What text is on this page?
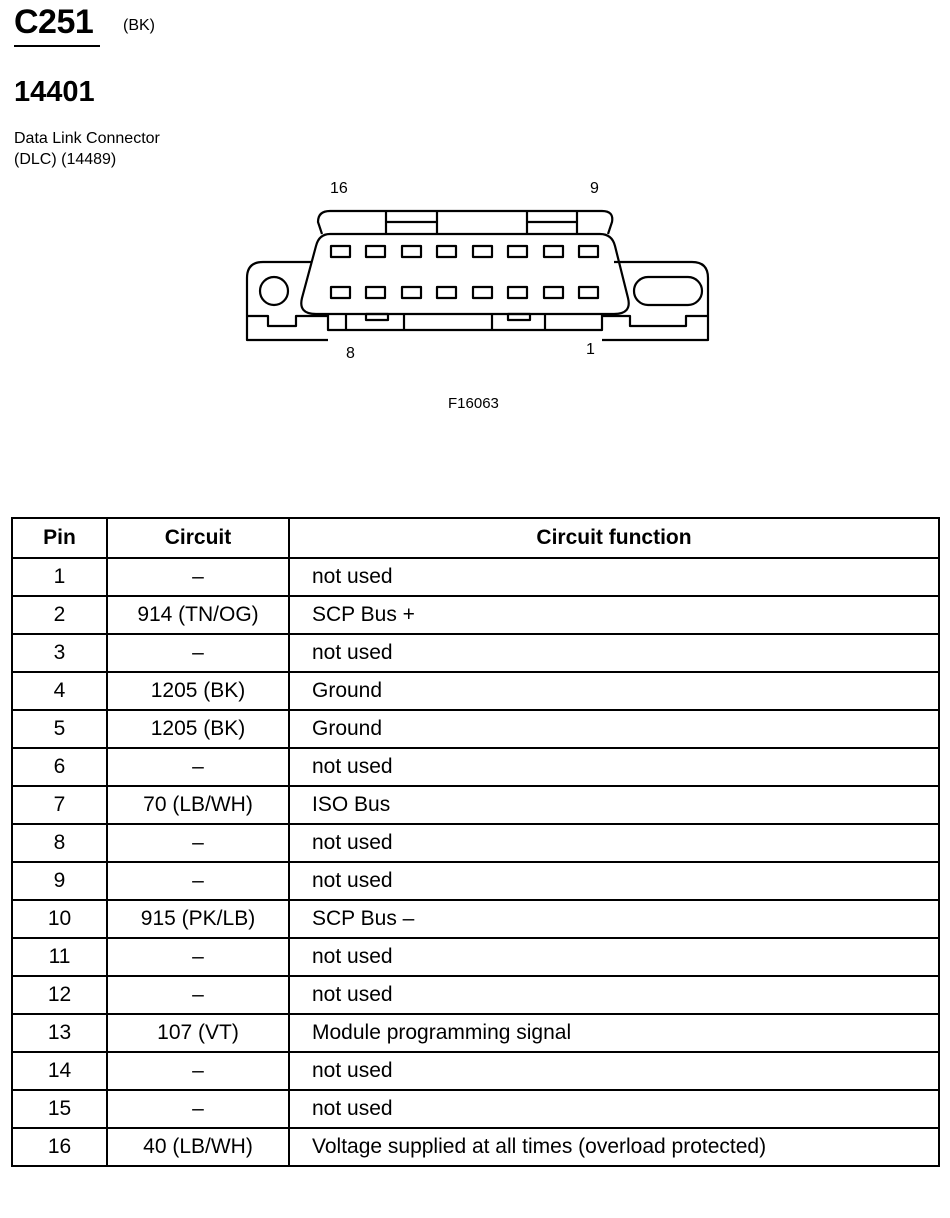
C251 (BK)
14401
Data Link Connector
(DLC) (14489)
16	9
8	1
F16063
Pin	Circuit	Circuit function
1	–	not used
2	914 (TN/OG)	SCP Bus +
3	–	not used
4	1205 (BK)	Ground
5	1205 (BK)	Ground
6	–	not used
7	70 (LB/WH)	ISO Bus
8	–	not used
9	–	not used
10	915 (PK/LB)	SCP Bus –
11	–	not used
12	–	not used
13	107 (VT)	Module programming signal
14	–	not used
15	–	not used
16	40 (LB/WH)	Voltage supplied at all times (overload protected)
